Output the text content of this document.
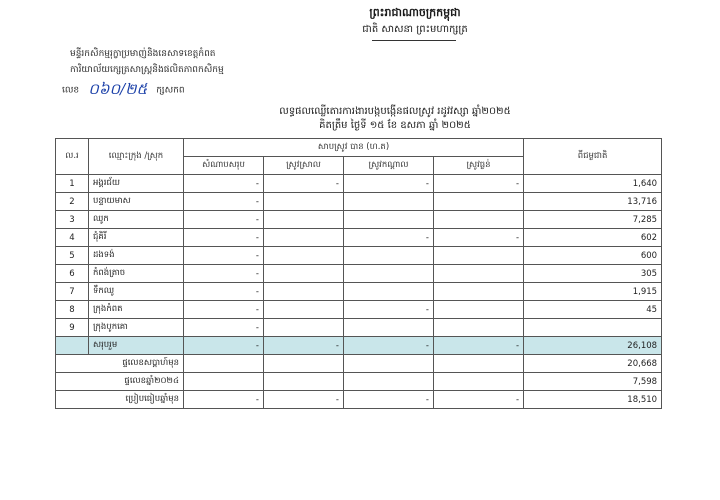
ព្រះរាជាណាចក្រកម្ពុជា
ជាតិ សាសនា ព្រះមហាក្សត្រ
មន្ទីរកសិកម្មរុក្ខាប្រមាញ់និងនេសាទខេត្តកំពត
ការិយាល័យក្សេត្រសាស្ត្រនិងផលិតភាពកសិកម្ម
លេខ ០៦០/២៥ ក្សសកព
លទ្ធផលឈ្លើតោរការងារបង្កបង្កើនផលស្រូវ រដូវវស្សា ឆ្នាំ២០២៥
គិតត្រឹម ថ្ងៃទី ១៥ ខែ ឧសភា ឆ្នាំ ២០២៥
ល.រ	ឈ្មោះក្រុង /ស្រុក	សាបស្រូវ បាន (ហ.ត)				ពីជម្ងជាតិ
		សំណាបសរុប	ស្រូវស្រាល	ស្រូវកណ្ដាល	ស្រូវធ្ងន់	
1	អង្គរជ័យ	-	-	-	-	1,640
2	បន្ទាយមាស	-				13,716
3	ឈូក	-				7,285
4	ជុំគិរី	-		-	-	602
5	ដងទង់	-				600
6	កំពង់ត្រាច	-				305
7	ទឹកឈូ	-				1,915
8	ក្រុងកំពត	-		-		45
9	ក្រុងបូកគោ	-				
	សរុបរួម	-	-	-	-	26,108
ផ្ទលេខសប្ដាហ៍មុន						20,668
ផ្ទលេខឆ្នាំ២០២៤						7,598
ប្រៀបធៀបឆ្នាំមុន		-	-	-	-	18,510
